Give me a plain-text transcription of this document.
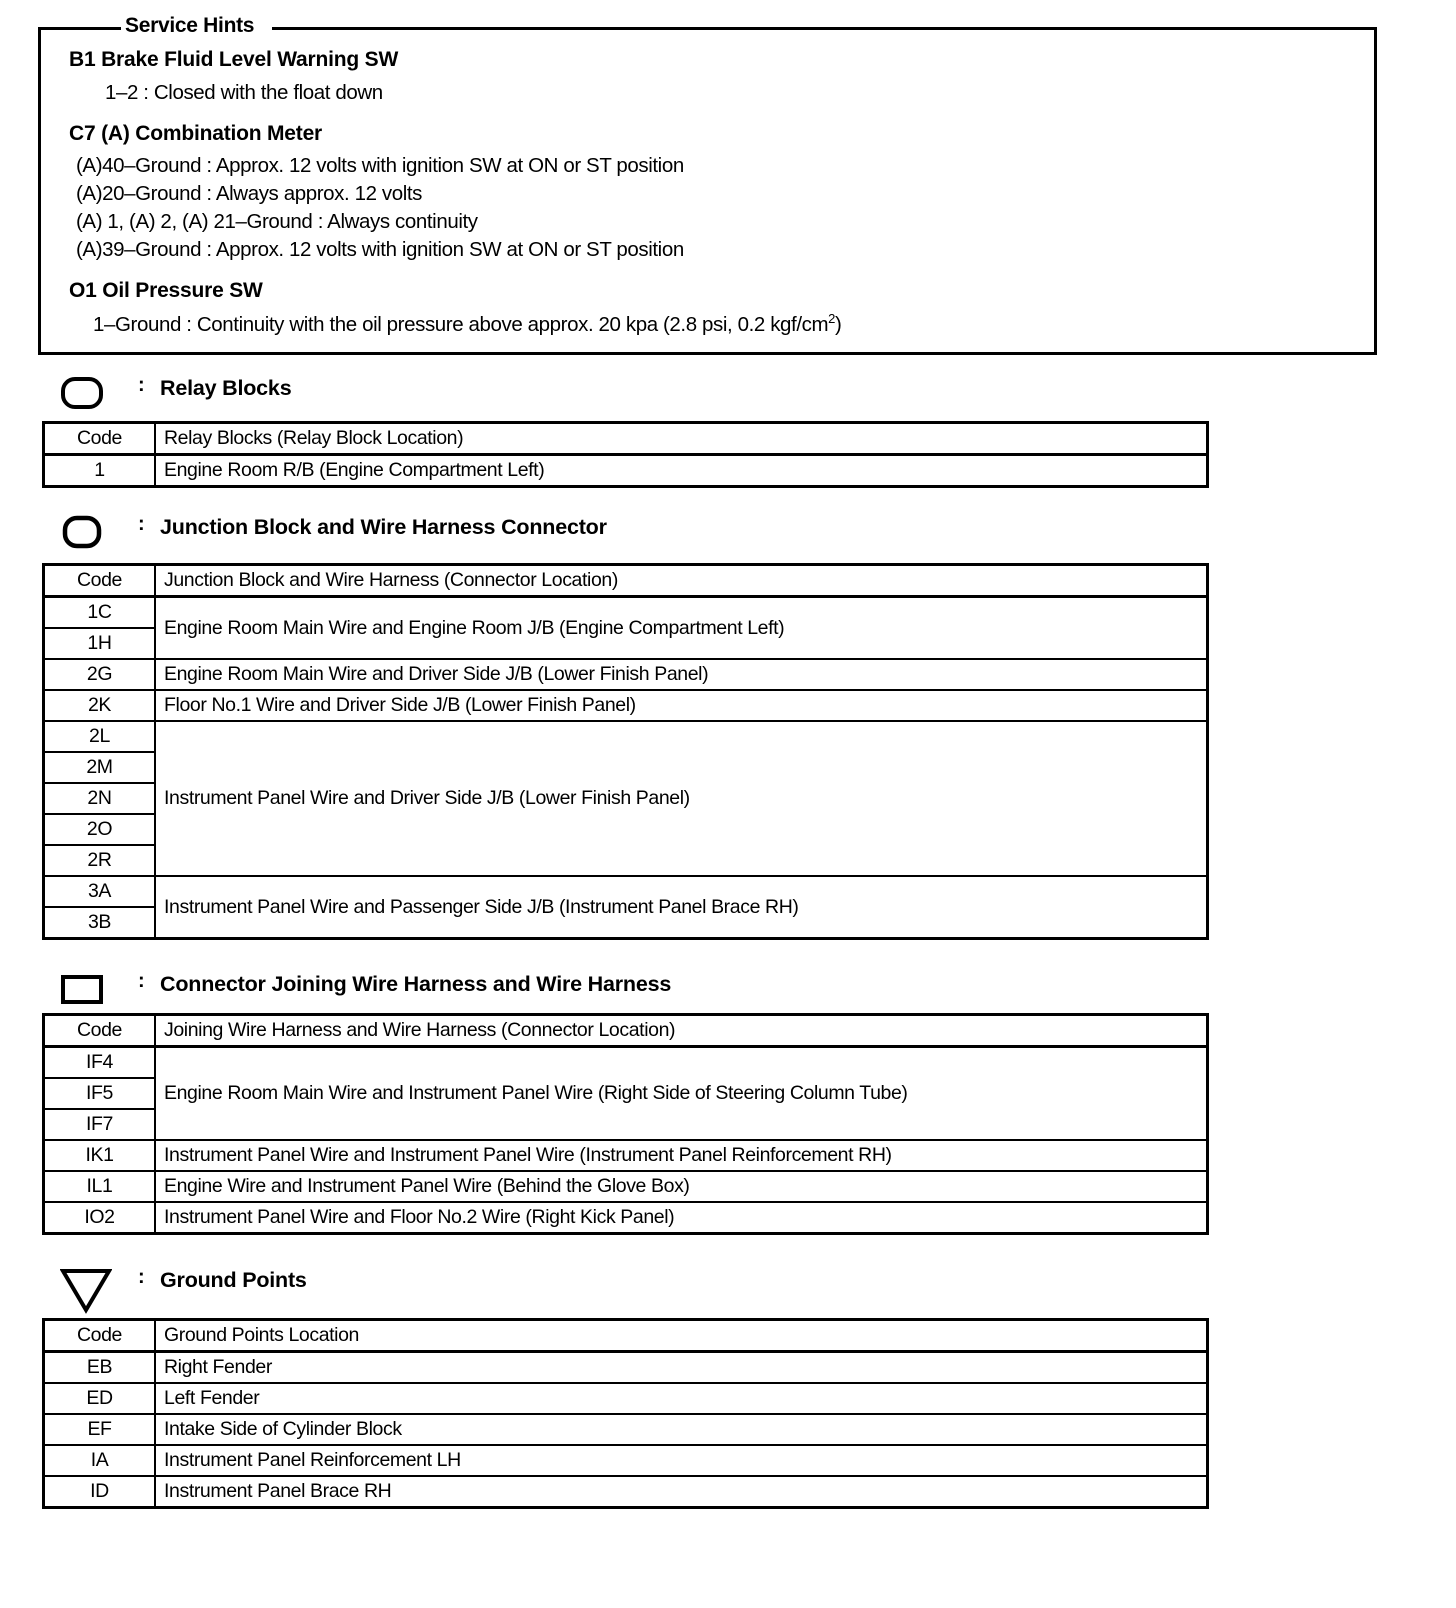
Service Hints
B1 Brake Fluid Level Warning SW
1–2 : Closed with the float down
C7 (A) Combination Meter
(A)40–Ground : Approx. 12 volts with ignition SW at ON or ST position
(A)20–Ground : Always approx. 12 volts
(A) 1, (A) 2, (A) 21–Ground : Always continuity
(A)39–Ground : Approx. 12 volts with ignition SW at ON or ST position
O1 Oil Pressure SW
1–Ground : Continuity with the oil pressure above approx. 20 kpa (2.8 psi, 0.2 kgf/$cm^2$)
: Relay Blocks
Code	Relay Blocks (Relay Block Location)
1	Engine Room R/B (Engine Compartment Left)
: Junction Block and Wire Harness Connector
Code	Junction Block and Wire Harness (Connector Location)
1C	Engine Room Main Wire and Engine Room J/B (Engine Compartment Left)
1H	
2G	Engine Room Main Wire and Driver Side J/B (Lower Finish Panel)
2K	Floor No.1 Wire and Driver Side J/B (Lower Finish Panel)
2L	Instrument Panel Wire and Driver Side J/B (Lower Finish Panel)
2M	
2N	
2O	
2R	
3A	Instrument Panel Wire and Passenger Side J/B (Instrument Panel Brace RH)
3B	
: Connector Joining Wire Harness and Wire Harness
Code	Joining Wire Harness and Wire Harness (Connector Location)
IF4	Engine Room Main Wire and Instrument Panel Wire (Right Side of Steering Column Tube)
IF5	
IF7	
IK1	Instrument Panel Wire and Instrument Panel Wire (Instrument Panel Reinforcement RH)
IL1	Engine Wire and Instrument Panel Wire (Behind the Glove Box)
IO2	Instrument Panel Wire and Floor No.2 Wire (Right Kick Panel)
: Ground Points
Code	Ground Points Location
EB	Right Fender
ED	Left Fender
EF	Intake Side of Cylinder Block
IA	Instrument Panel Reinforcement LH
ID	Instrument Panel Brace RH
